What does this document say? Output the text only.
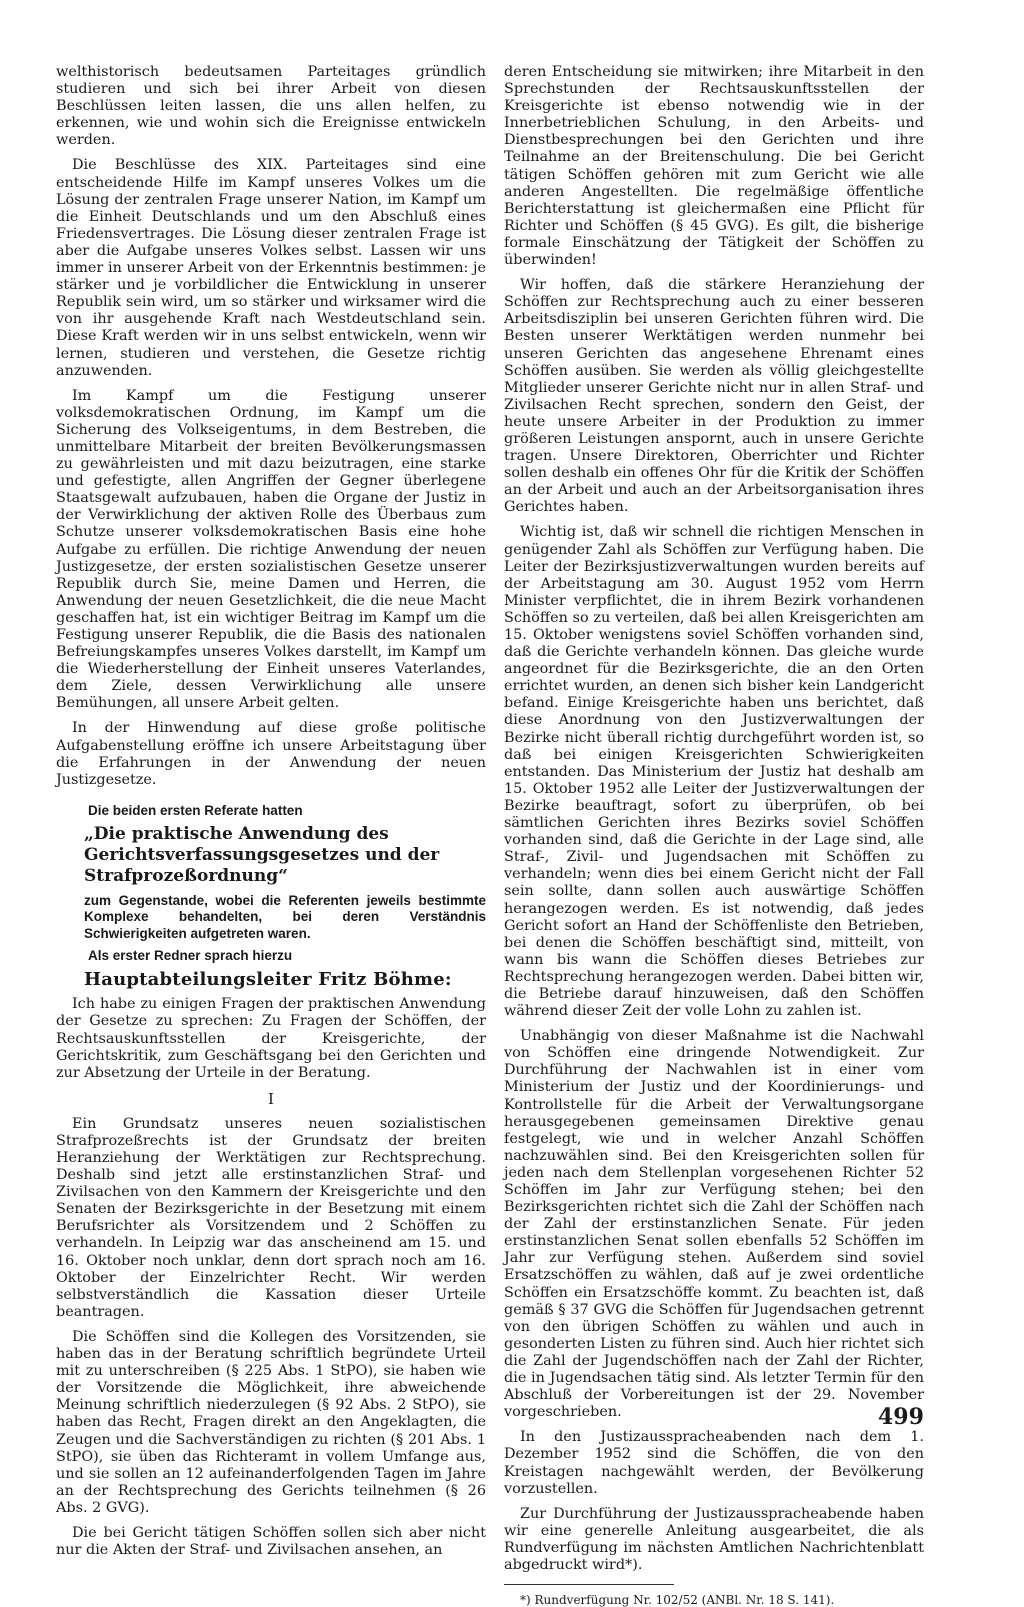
welthistorisch bedeutsamen Parteitages gründlich studieren und sich bei ihrer Arbeit von diesen Beschlüssen leiten lassen, die uns allen helfen, zu erkennen, wie und wohin sich die Ereignisse entwickeln werden.

Die Beschlüsse des XIX. Parteitages sind eine entscheidende Hilfe im Kampf unseres Volkes um die Lösung der zentralen Frage unserer Nation, im Kampf um die Einheit Deutschlands und um den Abschluß eines Friedensvertrages. Die Lösung dieser zentralen Frage ist aber die Aufgabe unseres Volkes selbst. Lassen wir uns immer in unserer Arbeit von der Erkenntnis bestimmen: je stärker und je vorbildlicher die Entwicklung in unserer Republik sein wird, um so stärker und wirksamer wird die von ihr ausgehende Kraft nach Westdeutschland sein. Diese Kraft werden wir in uns selbst entwickeln, wenn wir lernen, studieren und verstehen, die Gesetze richtig anzuwenden.

Im Kampf um die Festigung unserer volksdemokratischen Ordnung, im Kampf um die Sicherung des Volkseigentums, in dem Bestreben, die unmittelbare Mitarbeit der breiten Bevölkerungsmassen zu gewährleisten und mit dazu beizutragen, eine starke und gefestigte, allen Angriffen der Gegner überlegene Staatsgewalt aufzubauen, haben die Organe der Justiz in der Verwirklichung der aktiven Rolle des Überbaus zum Schutze unserer volksdemokratischen Basis eine hohe Aufgabe zu erfüllen. Die richtige Anwendung der neuen Justizgesetze, der ersten sozialistischen Gesetze unserer Republik durch Sie, meine Damen und Herren, die Anwendung der neuen Gesetzlichkeit, die die neue Macht geschaffen hat, ist ein wichtiger Beitrag im Kampf um die Festigung unserer Republik, die die Basis des nationalen Befreiungskampfes unseres Volkes darstellt, im Kampf um die Wiederherstellung der Einheit unseres Vaterlandes, dem Ziele, dessen Verwirklichung alle unsere Bemühungen, all unsere Arbeit gelten.

In der Hinwendung auf diese große politische Aufgabenstellung eröffne ich unsere Arbeitstagung über die Erfahrungen in der Anwendung der neuen Justizgesetze.

Die beiden ersten Referate hatten
„Die praktische Anwendung des Gerichtsverfassungsgesetzes und der Strafprozeßordnung“
zum Gegenstande, wobei die Referenten jeweils bestimmte Komplexe behandelten, bei deren Verständnis Schwierigkeiten aufgetreten waren.
Als erster Redner sprach hierzu
Hauptabteilungsleiter Fritz Böhme:

Ich habe zu einigen Fragen der praktischen Anwendung der Gesetze zu sprechen: Zu Fragen der Schöffen, der Rechtsauskunftsstellen der Kreisgerichte, der Gerichtskritik, zum Geschäftsgang bei den Gerichten und zur Absetzung der Urteile in der Beratung.

I

Ein Grundsatz unseres neuen sozialistischen Strafprozeßrechts ist der Grundsatz der breiten Heranziehung der Werktätigen zur Rechtsprechung. Deshalb sind jetzt alle erstinstanzlichen Straf- und Zivilsachen von den Kammern der Kreisgerichte und den Senaten der Bezirksgerichte in der Besetzung mit einem Berufsrichter als Vorsitzendem und 2 Schöffen zu verhandeln. In Leipzig war das anscheinend am 15. und 16. Oktober noch unklar, denn dort sprach noch am 16. Oktober der Einzelrichter Recht. Wir werden selbstverständlich die Kassation dieser Urteile beantragen.

Die Schöffen sind die Kollegen des Vorsitzenden, sie haben das in der Beratung schriftlich begründete Urteil mit zu unterschreiben (§ 225 Abs. 1 StPO), sie haben wie der Vorsitzende die Möglichkeit, ihre abweichende Meinung schriftlich niederzulegen (§ 92 Abs. 2 StPO), sie haben das Recht, Fragen direkt an den Angeklagten, die Zeugen und die Sachverständigen zu richten (§ 201 Abs. 1 StPO), sie üben das Richteramt in vollem Umfange aus, und sie sollen an 12 aufeinanderfolgenden Tagen im Jahre an der Rechtsprechung des Gerichts teilnehmen (§ 26 Abs. 2 GVG).

Die bei Gericht tätigen Schöffen sollen sich aber nicht nur die Akten der Straf- und Zivilsachen ansehen, an

deren Entscheidung sie mitwirken; ihre Mitarbeit in den Sprechstunden der Rechtsauskunftsstellen der Kreisgerichte ist ebenso notwendig wie in der Innerbetrieblichen Schulung, in den Arbeits- und Dienstbesprechungen bei den Gerichten und ihre Teilnahme an der Breitenschulung. Die bei Gericht tätigen Schöffen gehören mit zum Gericht wie alle anderen Angestellten. Die regelmäßige öffentliche Berichterstattung ist gleichermaßen eine Pflicht für Richter und Schöffen (§ 45 GVG). Es gilt, die bisherige formale Einschätzung der Tätigkeit der Schöffen zu überwinden!

Wir hoffen, daß die stärkere Heranziehung der Schöffen zur Rechtsprechung auch zu einer besseren Arbeitsdisziplin bei unseren Gerichten führen wird. Die Besten unserer Werktätigen werden nunmehr bei unseren Gerichten das angesehene Ehrenamt eines Schöffen ausüben. Sie werden als völlig gleichgestellte Mitglieder unserer Gerichte nicht nur in allen Straf- und Zivilsachen Recht sprechen, sondern den Geist, der heute unsere Arbeiter in der Produktion zu immer größeren Leistungen anspornt, auch in unsere Gerichte tragen. Unsere Direktoren, Oberrichter und Richter sollen deshalb ein offenes Ohr für die Kritik der Schöffen an der Arbeit und auch an der Arbeitsorganisation ihres Gerichtes haben.

Wichtig ist, daß wir schnell die richtigen Menschen in genügender Zahl als Schöffen zur Verfügung haben. Die Leiter der Bezirksjustizverwaltungen wurden bereits auf der Arbeitstagung am 30. August 1952 vom Herrn Minister verpflichtet, die in ihrem Bezirk vorhandenen Schöffen so zu verteilen, daß bei allen Kreisgerichten am 15. Oktober wenigstens soviel Schöffen vorhanden sind, daß die Gerichte verhandeln können. Das gleiche wurde angeordnet für die Bezirksgerichte, die an den Orten errichtet wurden, an denen sich bisher kein Landgericht befand. Einige Kreisgerichte haben uns berichtet, daß diese Anordnung von den Justizverwaltungen der Bezirke nicht überall richtig durchgeführt worden ist, so daß bei einigen Kreisgerichten Schwierigkeiten entstanden. Das Ministerium der Justiz hat deshalb am 15. Oktober 1952 alle Leiter der Justizverwaltungen der Bezirke beauftragt, sofort zu überprüfen, ob bei sämtlichen Gerichten ihres Bezirks soviel Schöffen vorhanden sind, daß die Gerichte in der Lage sind, alle Straf-, Zivil- und Jugendsachen mit Schöffen zu verhandeln; wenn dies bei einem Gericht nicht der Fall sein sollte, dann sollen auch auswärtige Schöffen herangezogen werden. Es ist notwendig, daß jedes Gericht sofort an Hand der Schöffenliste den Betrieben, bei denen die Schöffen beschäftigt sind, mitteilt, von wann bis wann die Schöffen dieses Betriebes zur Rechtsprechung herangezogen werden. Dabei bitten wir, die Betriebe darauf hinzuweisen, daß den Schöffen während dieser Zeit der volle Lohn zu zahlen ist.

Unabhängig von dieser Maßnahme ist die Nachwahl von Schöffen eine dringende Notwendigkeit. Zur Durchführung der Nachwahlen ist in einer vom Ministerium der Justiz und der Koordinierungs- und Kontrollstelle für die Arbeit der Verwaltungsorgane herausgegebenen gemeinsamen Direktive genau festgelegt, wie und in welcher Anzahl Schöffen nachzuwählen sind. Bei den Kreisgerichten sollen für jeden nach dem Stellenplan vorgesehenen Richter 52 Schöffen im Jahr zur Verfügung stehen; bei den Bezirksgerichten richtet sich die Zahl der Schöffen nach der Zahl der erstinstanzlichen Senate. Für jeden erstinstanzlichen Senat sollen ebenfalls 52 Schöffen im Jahr zur Verfügung stehen. Außerdem sind soviel Ersatzschöffen zu wählen, daß auf je zwei ordentliche Schöffen ein Ersatzschöffe kommt. Zu beachten ist, daß gemäß § 37 GVG die Schöffen für Jugendsachen getrennt von den übrigen Schöffen zu wählen und auch in gesonderten Listen zu führen sind. Auch hier richtet sich die Zahl der Jugendschöffen nach der Zahl der Richter, die in Jugendsachen tätig sind. Als letzter Termin für den Abschluß der Vorbereitungen ist der 29. November vorgeschrieben.

In den Justizaussprachеabenden nach dem 1. Dezember 1952 sind die Schöffen, die von den Kreistagen nachgewählt werden, der Bevölkerung vorzustellen.

Zur Durchführung der Justizaussprachеabende haben wir eine generelle Anleitung ausgearbeitet, die als Rundverfügung im nächsten Amtlichen Nachrichtenblatt abgedruckt wird*).

*) Rundverfügung Nr. 102/52 (ANBl. Nr. 18 S. 141).
499
